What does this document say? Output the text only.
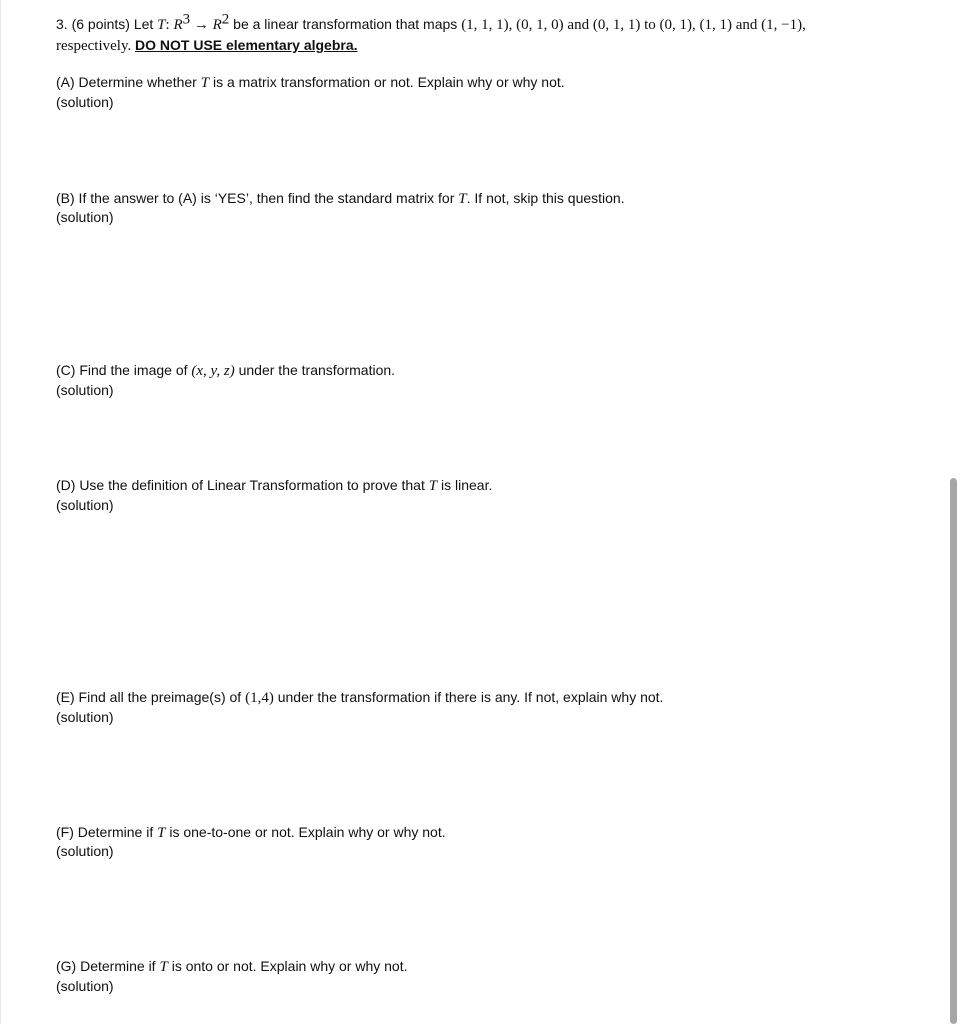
3. (6 points) Let T: $R^3 \to R^2$ be a linear transformation that maps (1, 1, 1), (0, 1, 0) and (0, 1, 1) to (0, 1), (1, 1) and (1, −1),
respectively. DO NOT USE elementary algebra.
(A) Determine whether T is a matrix transformation or not. Explain why or why not.
(solution)
(B) If the answer to (A) is ‘YES’, then find the standard matrix for T. If not, skip this question.
(solution)
(C) Find the image of (x, y, z) under the transformation.
(solution)
(D) Use the definition of Linear Transformation to prove that T is linear.
(solution)
(E) Find all the preimage(s) of (1,4) under the transformation if there is any. If not, explain why not.
(solution)
(F) Determine if T is one-to-one or not. Explain why or why not.
(solution)
(G) Determine if T is onto or not. Explain why or why not.
(solution)
